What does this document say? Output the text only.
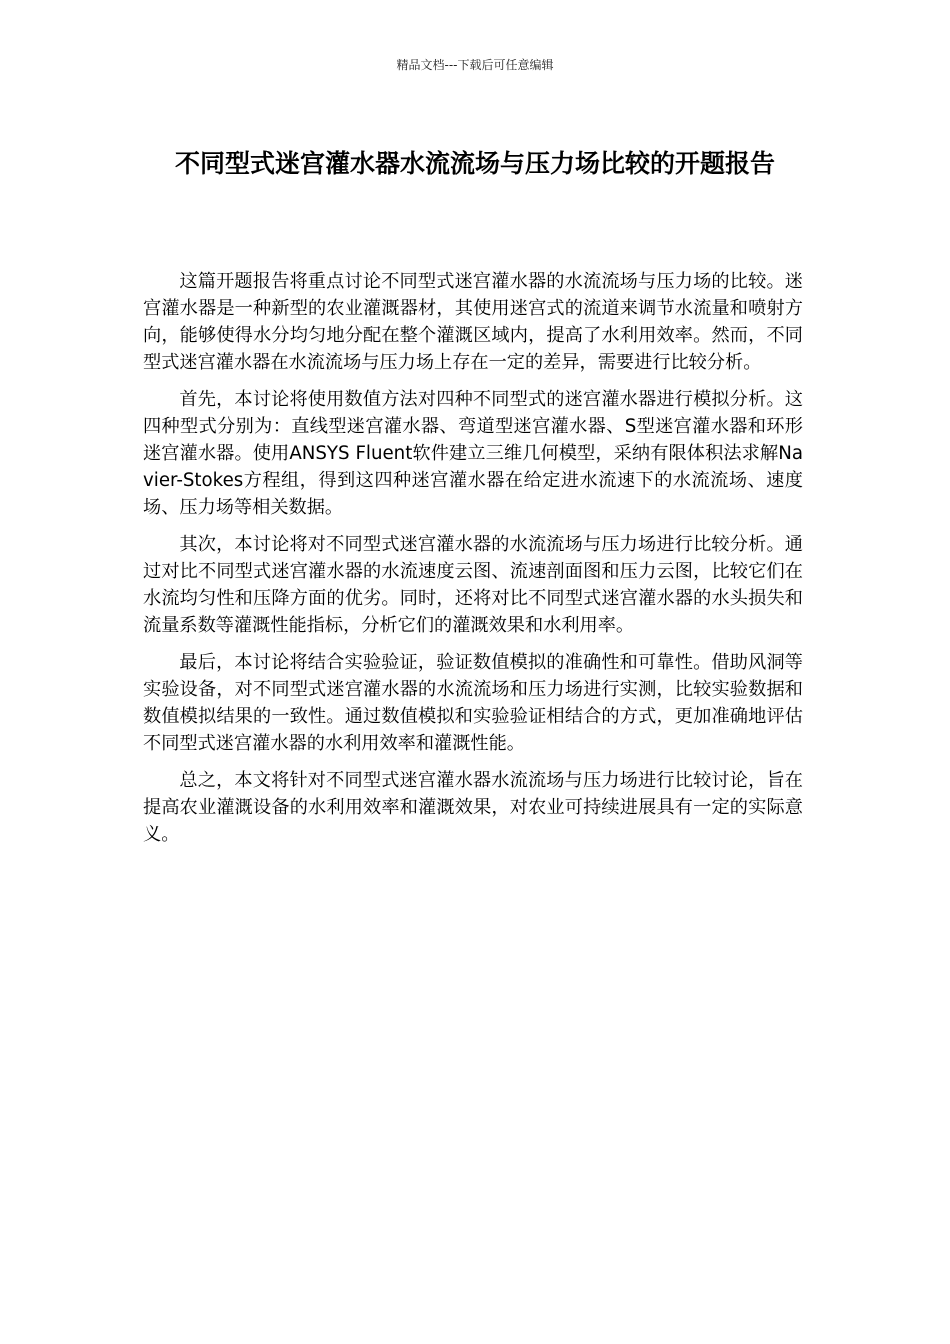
精品文档---下载后可任意编辑
不同型式迷宫灌水器水流流场与压力场比较的开题报告

这篇开题报告将重点讨论不同型式迷宫灌水器的水流流场与压力场的比较。迷宫灌水器是一种新型的农业灌溉器材，其使用迷宫式的流道来调节水流量和喷射方向，能够使得水分均匀地分配在整个灌溉区域内，提高了水利用效率。然而，不同型式迷宫灌水器在水流流场与压力场上存在一定的差异，需要进行比较分析。

首先，本讨论将使用数值方法对四种不同型式的迷宫灌水器进行模拟分析。这四种型式分别为：直线型迷宫灌水器、弯道型迷宫灌水器、S型迷宫灌水器和环形迷宫灌水器。使用ANSYS Fluent软件建立三维几何模型，采纳有限体积法求解Navier-Stokes方程组，得到这四种迷宫灌水器在给定进水流速下的水流流场、速度场、压力场等相关数据。

其次，本讨论将对不同型式迷宫灌水器的水流流场与压力场进行比较分析。通过对比不同型式迷宫灌水器的水流速度云图、流速剖面图和压力云图，比较它们在水流均匀性和压降方面的优劣。同时，还将对比不同型式迷宫灌水器的水头损失和流量系数等灌溉性能指标，分析它们的灌溉效果和水利用率。

最后，本讨论将结合实验验证，验证数值模拟的准确性和可靠性。借助风洞等实验设备，对不同型式迷宫灌水器的水流流场和压力场进行实测，比较实验数据和数值模拟结果的一致性。通过数值模拟和实验验证相结合的方式，更加准确地评估不同型式迷宫灌水器的水利用效率和灌溉性能。

总之，本文将针对不同型式迷宫灌水器水流流场与压力场进行比较讨论，旨在提高农业灌溉设备的水利用效率和灌溉效果，对农业可持续进展具有一定的实际意义。
